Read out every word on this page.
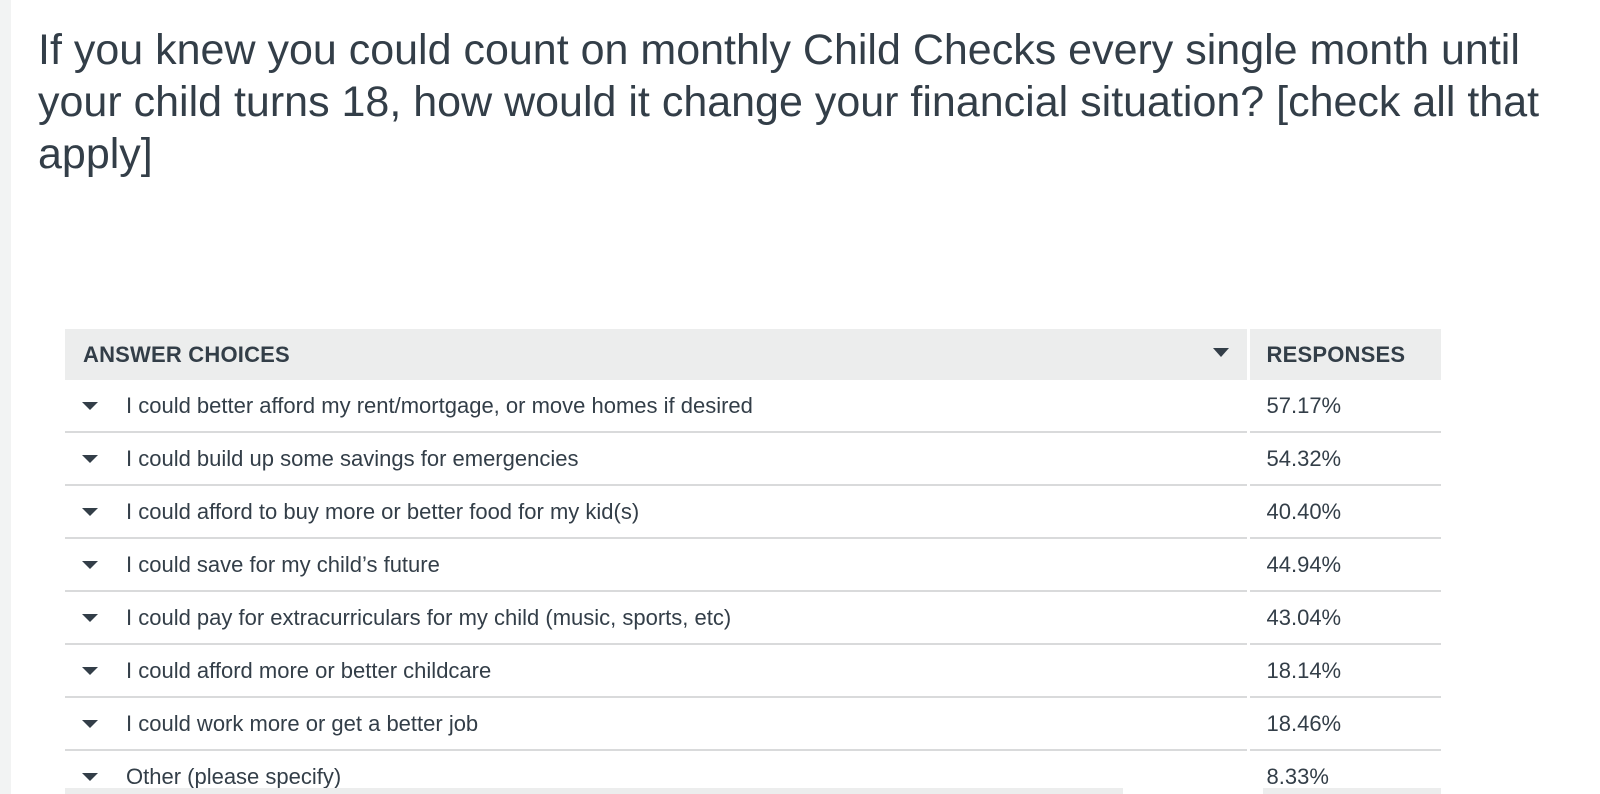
If you knew you could count on monthly Child Checks every single month until your child turns 18, how would it change your financial situation? [check all that apply]
ANSWER CHOICES	RESPONSES

I could better afford my rent/mortgage, or move homes if desired	57.17%

I could build up some savings for emergencies	54.32%

I could afford to buy more or better food for my kid(s)	40.40%

I could save for my child’s future	44.94%

I could pay for extracurriculars for my child (music, sports, etc)	43.04%

I could afford more or better childcare	18.14%

I could work more or get a better job	18.46%

Other (please specify)	8.33%
